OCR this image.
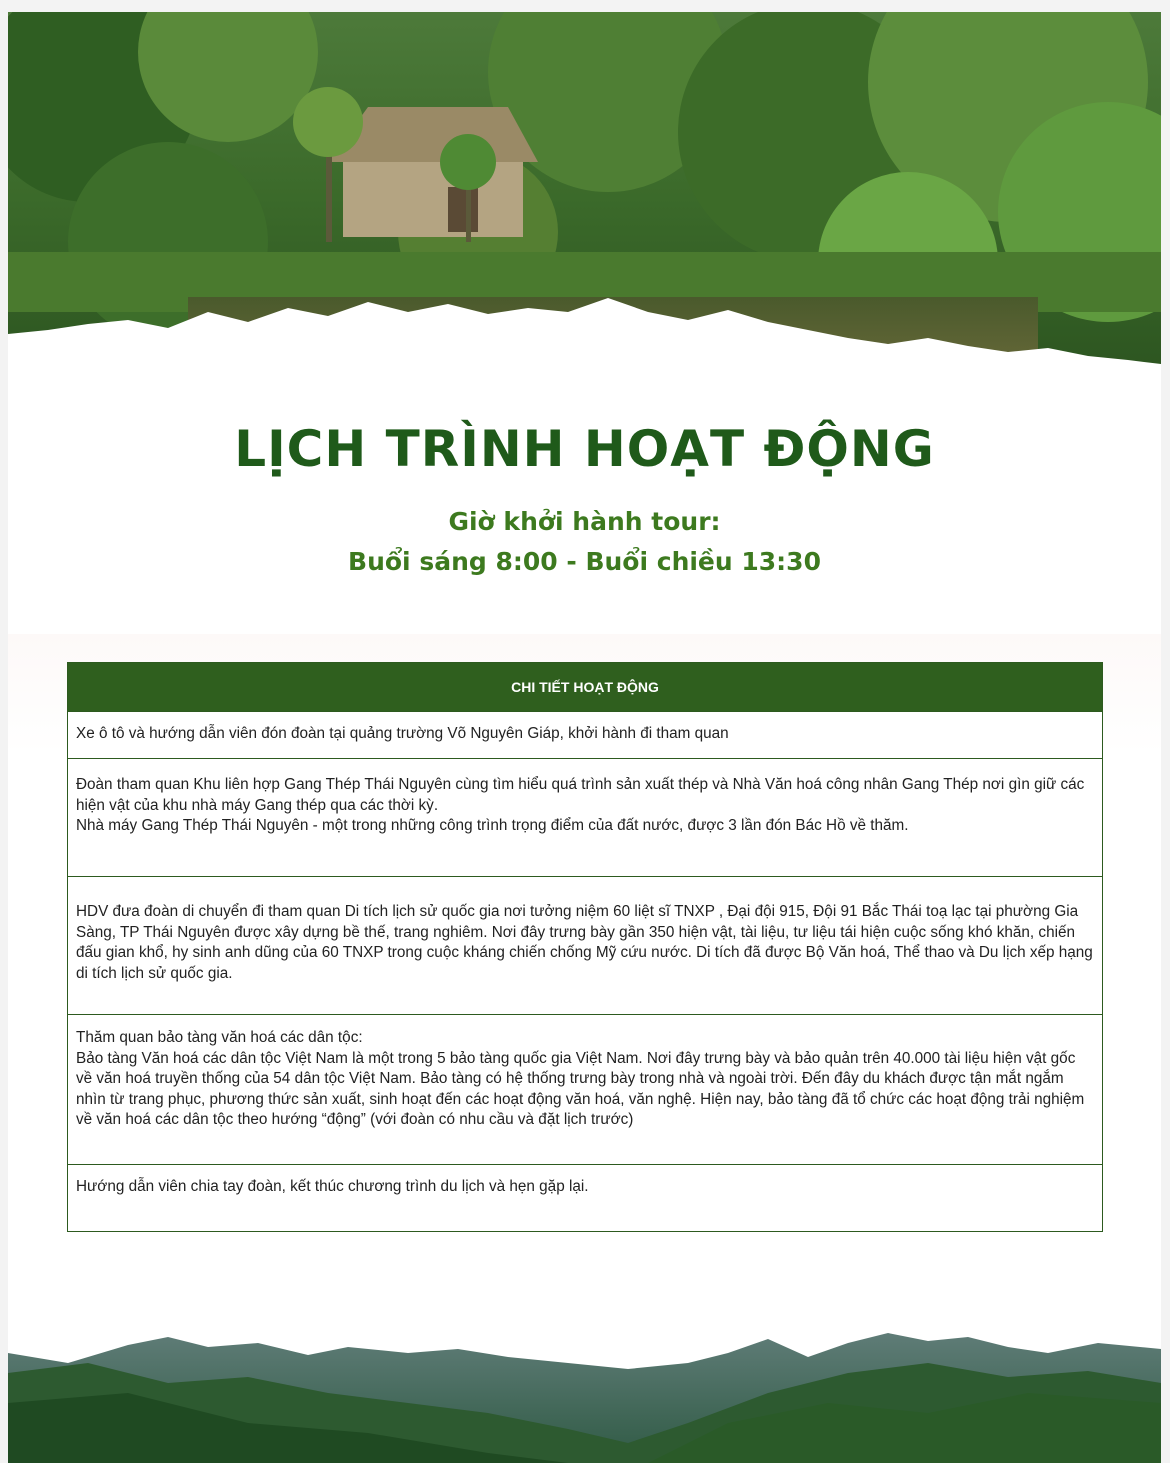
LỊCH TRÌNH HOẠT ĐỘNG
Giờ khởi hành tour:
Buổi sáng 8:00 - Buổi chiều 13:30
CHI TIẾT HOẠT ĐỘNG

Xe ô tô và hướng dẫn viên đón đoàn tại quảng trường Võ Nguyên Giáp, khởi hành đi tham quan

Đoàn tham quan Khu liên hợp Gang Thép Thái Nguyên cùng tìm hiểu quá trình sản xuất thép và Nhà Văn hoá công nhân Gang Thép nơi gìn giữ các hiện vật của khu nhà máy Gang thép qua các thời kỳ.

Nhà máy Gang Thép Thái Nguyên - một trong những công trình trọng điểm của đất nước, được 3 lần đón Bác Hồ về thăm.

HDV đưa đoàn di chuyển đi tham quan Di tích lịch sử quốc gia nơi tưởng niệm 60 liệt sĩ TNXP , Đại đội 915, Đội 91 Bắc Thái toạ lạc tại phường Gia Sàng, TP Thái Nguyên được xây dựng bề thế, trang nghiêm. Nơi đây trưng bày gần 350 hiện vật, tài liệu, tư liệu tái hiện cuộc sống khó khăn, chiến đấu gian khổ, hy sinh anh dũng của 60 TNXP trong cuộc kháng chiến chống Mỹ cứu nước. Di tích đã được Bộ Văn hoá, Thể thao và Du lịch xếp hạng di tích lịch sử quốc gia.

Thăm quan bảo tàng văn hoá các dân tộc:

Bảo tàng Văn hoá các dân tộc Việt Nam là một trong 5 bảo tàng quốc gia Việt Nam. Nơi đây trưng bày và bảo quản trên 40.000 tài liệu hiện vật gốc về văn hoá truyền thống của 54 dân tộc Việt Nam. Bảo tàng có hệ thống trưng bày trong nhà và ngoài trời. Đến đây du khách được tận mắt ngắm nhìn từ trang phục, phương thức sản xuất, sinh hoạt đến các hoạt động văn hoá, văn nghệ. Hiện nay, bảo tàng đã tổ chức các hoạt động trải nghiệm về văn hoá các dân tộc theo hướng “động” (với đoàn có nhu cầu và đặt lịch trước)

Hướng dẫn viên chia tay đoàn, kết thúc chương trình du lịch và hẹn gặp lại.
